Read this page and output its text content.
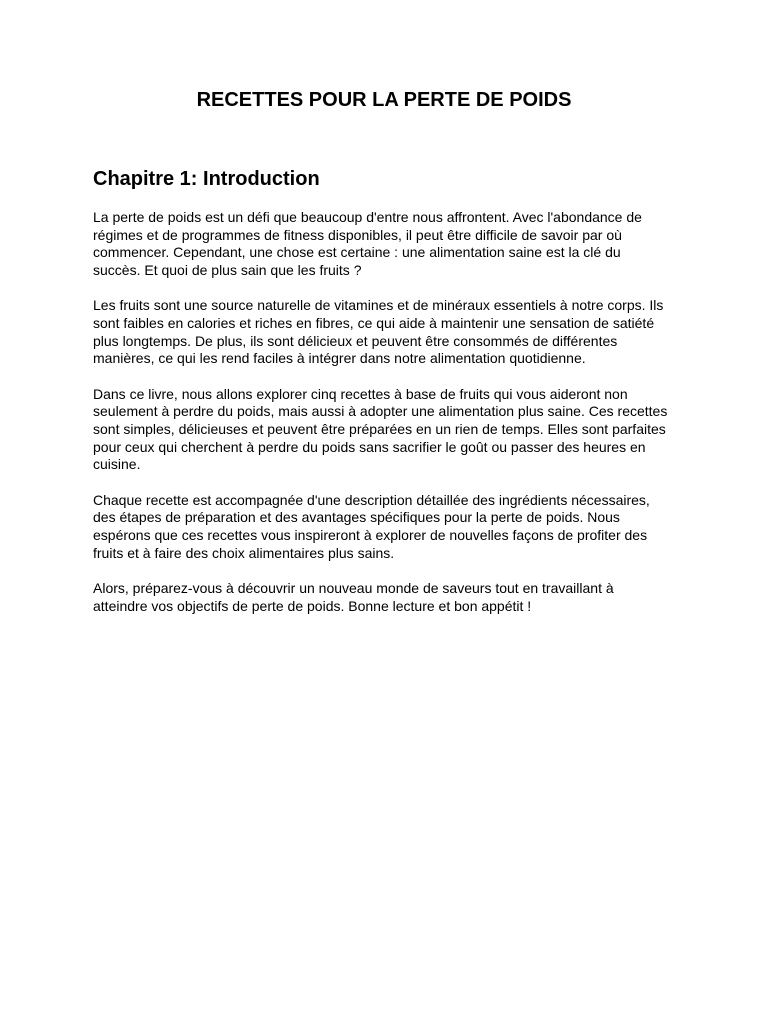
RECETTES POUR LA PERTE DE POIDS
Chapitre 1: Introduction

La perte de poids est un défi que beaucoup d'entre nous affrontent. Avec l'abondance de
régimes et de programmes de fitness disponibles, il peut être difficile de savoir par où
commencer. Cependant, une chose est certaine : une alimentation saine est la clé du
succès. Et quoi de plus sain que les fruits ?

Les fruits sont une source naturelle de vitamines et de minéraux essentiels à notre corps. Ils
sont faibles en calories et riches en fibres, ce qui aide à maintenir une sensation de satiété
plus longtemps. De plus, ils sont délicieux et peuvent être consommés de différentes
manières, ce qui les rend faciles à intégrer dans notre alimentation quotidienne.

Dans ce livre, nous allons explorer cinq recettes à base de fruits qui vous aideront non
seulement à perdre du poids, mais aussi à adopter une alimentation plus saine. Ces recettes
sont simples, délicieuses et peuvent être préparées en un rien de temps. Elles sont parfaites
pour ceux qui cherchent à perdre du poids sans sacrifier le goût ou passer des heures en
cuisine.

Chaque recette est accompagnée d'une description détaillée des ingrédients nécessaires,
des étapes de préparation et des avantages spécifiques pour la perte de poids. Nous
espérons que ces recettes vous inspireront à explorer de nouvelles façons de profiter des
fruits et à faire des choix alimentaires plus sains.

Alors, préparez-vous à découvrir un nouveau monde de saveurs tout en travaillant à
atteindre vos objectifs de perte de poids. Bonne lecture et bon appétit !
